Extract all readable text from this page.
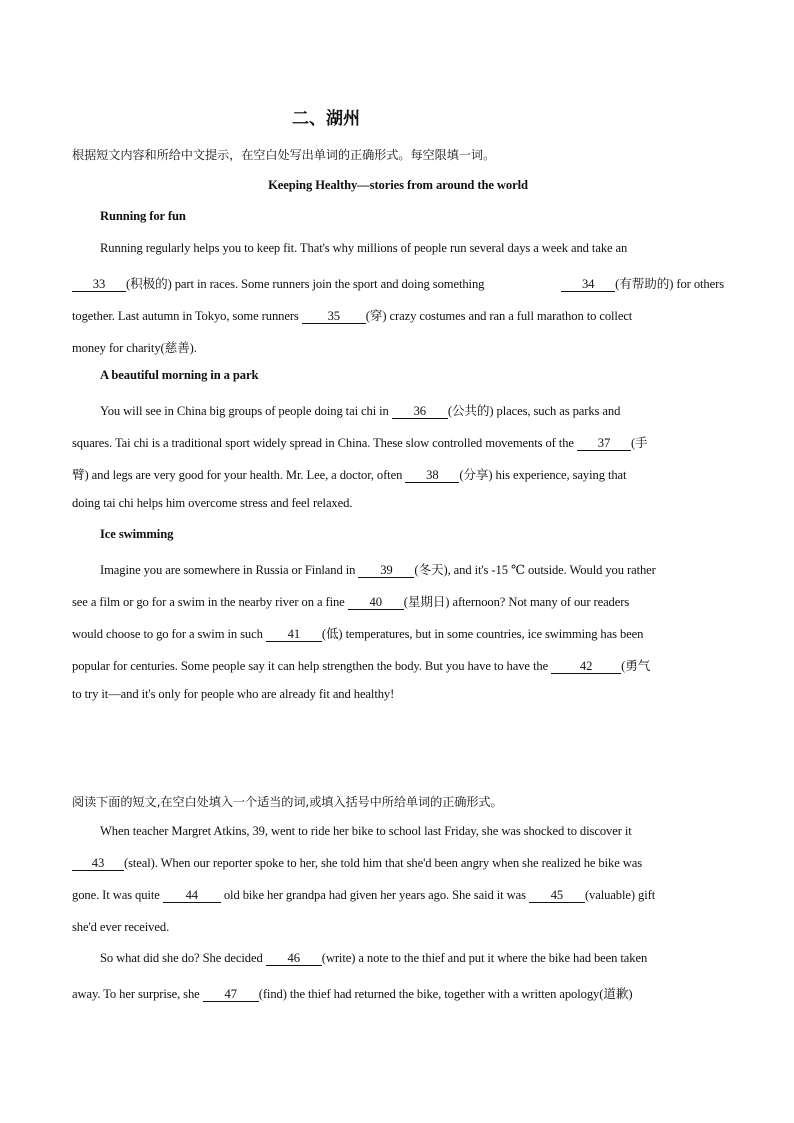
二、湖州
根据短文内容和所给中文提示，在空白处写出单词的正确形式。每空限填一词。
Keeping Healthy—stories from around the world
Running for fun
Running regularly helps you to keep fit. That's why millions of people run several days a week and take an
33 (积极的) part in races. Some runners join the sport and doing something	34 (有帮助的) for others
together. Last autumn in Tokyo, some runners 35 (穿) crazy costumes and ran a full marathon to collect
money for charity(慈善).
A beautiful morning in a park
You will see in China big groups of people doing tai chi in 36 (公共的) places, such as parks and
squares. Tai chi is a traditional sport widely spread in China. These slow controlled movements of the 37 (手
臂) and legs are very good for your health. Mr. Lee, a doctor, often 38 (分享) his experience, saying that
doing tai chi helps him overcome stress and feel relaxed.
Ice swimming
Imagine you are somewhere in Russia or Finland in 39 (冬天), and it's -15 ℃ outside. Would you rather
see a film or go for a swim in the nearby river on a fine 40 (星期日) afternoon? Not many of our readers
would choose to go for a swim in such 41 (低) temperatures, but in some countries, ice swimming has been
popular for centuries. Some people say it can help strengthen the body. But you have to have the	42 (勇气
to try it—and it's only for people who are already fit and healthy!
阅读下面的短文,在空白处填入一个适当的词,或填入括号中所给单词的正确形式。
When teacher Margret Atkins, 39, went to ride her bike to school last Friday, she was shocked to discover it
43 (steal). When our reporter spoke to her, she told him that she'd been angry when she realized he bike was
gone. It was quite 44 old bike her grandpa had given her years ago. She said it was 45 (valuable) gift
she'd ever received.
So what did she do? She decided 46 (write) a note to the thief and put it where the bike had been taken
away. To her surprise, she 47 (find) the thief had returned the bike, together with a written apology(道歉)
